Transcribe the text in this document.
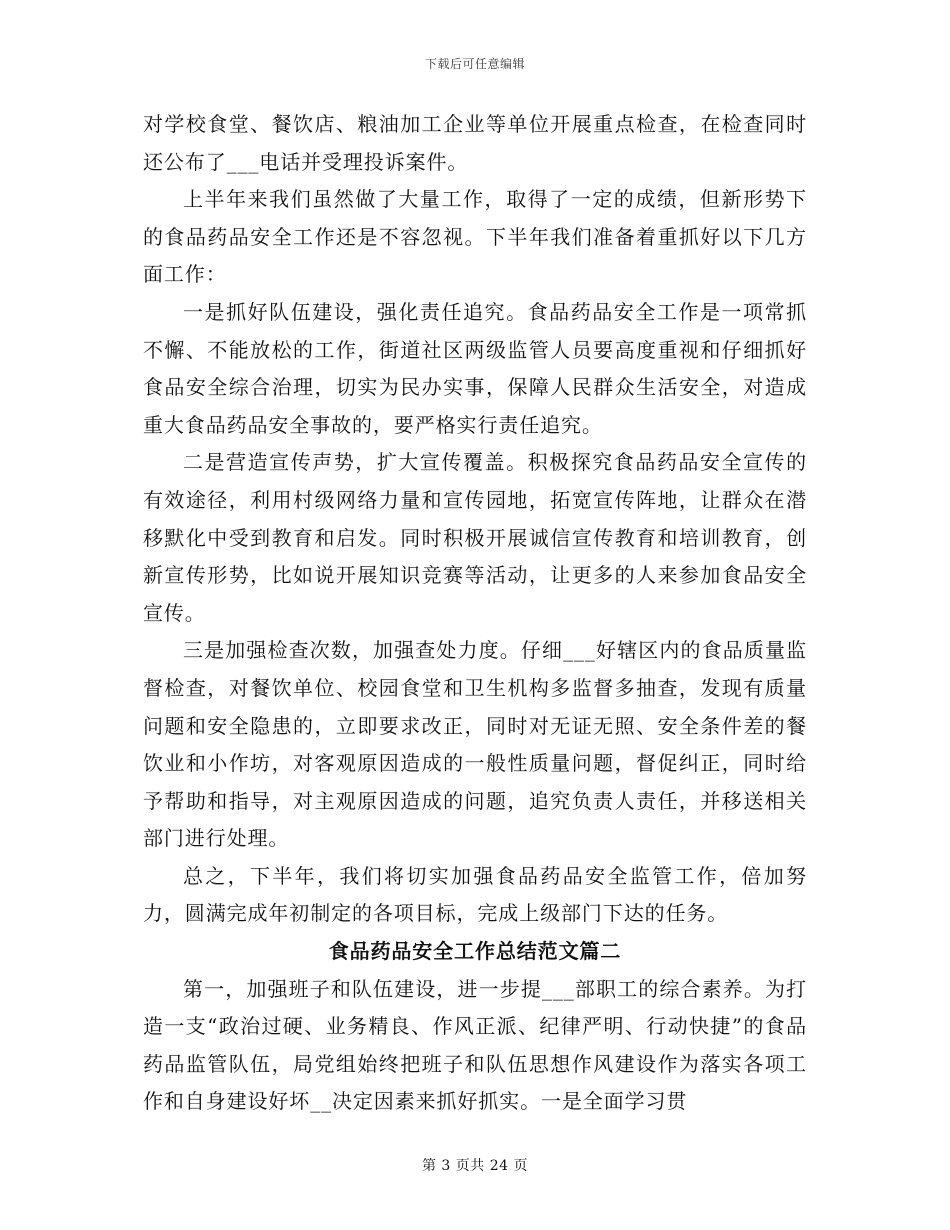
下载后可任意编辑

对学校食堂、餐饮店、粮油加工企业等单位开展重点检查，在检查同时还公布了___电话并受理投诉案件。

上半年来我们虽然做了大量工作，取得了一定的成绩，但新形势下的食品药品安全工作还是不容忽视。下半年我们准备着重抓好以下几方面工作：

一是抓好队伍建设，强化责任追究。食品药品安全工作是一项常抓不懈、不能放松的工作，街道社区两级监管人员要高度重视和仔细抓好食品安全综合治理，切实为民办实事，保障人民群众生活安全，对造成重大食品药品安全事故的，要严格实行责任追究。

二是营造宣传声势，扩大宣传覆盖。积极探究食品药品安全宣传的有效途径，利用村级网络力量和宣传园地，拓宽宣传阵地，让群众在潜移默化中受到教育和启发。同时积极开展诚信宣传教育和培训教育，创新宣传形势，比如说开展知识竞赛等活动，让更多的人来参加食品安全宣传。

三是加强检查次数，加强查处力度。仔细___好辖区内的食品质量监督检查，对餐饮单位、校园食堂和卫生机构多监督多抽查，发现有质量问题和安全隐患的，立即要求改正，同时对无证无照、安全条件差的餐饮业和小作坊，对客观原因造成的一般性质量问题，督促纠正，同时给予帮助和指导，对主观原因造成的问题，追究负责人责任，并移送相关部门进行处理。

总之，下半年，我们将切实加强食品药品安全监管工作，倍加努力，圆满完成年初制定的各项目标，完成上级部门下达的任务。

食品药品安全工作总结范文篇二

第一，加强班子和队伍建设，进一步提___部职工的综合素养。为打造一支“政治过硬、业务精良、作风正派、纪律严明、行动快捷”的食品药品监管队伍，局党组始终把班子和队伍思想作风建设作为落实各项工作和自身建设好坏__决定因素来抓好抓实。一是全面学习贯

第 3 页共 24 页
